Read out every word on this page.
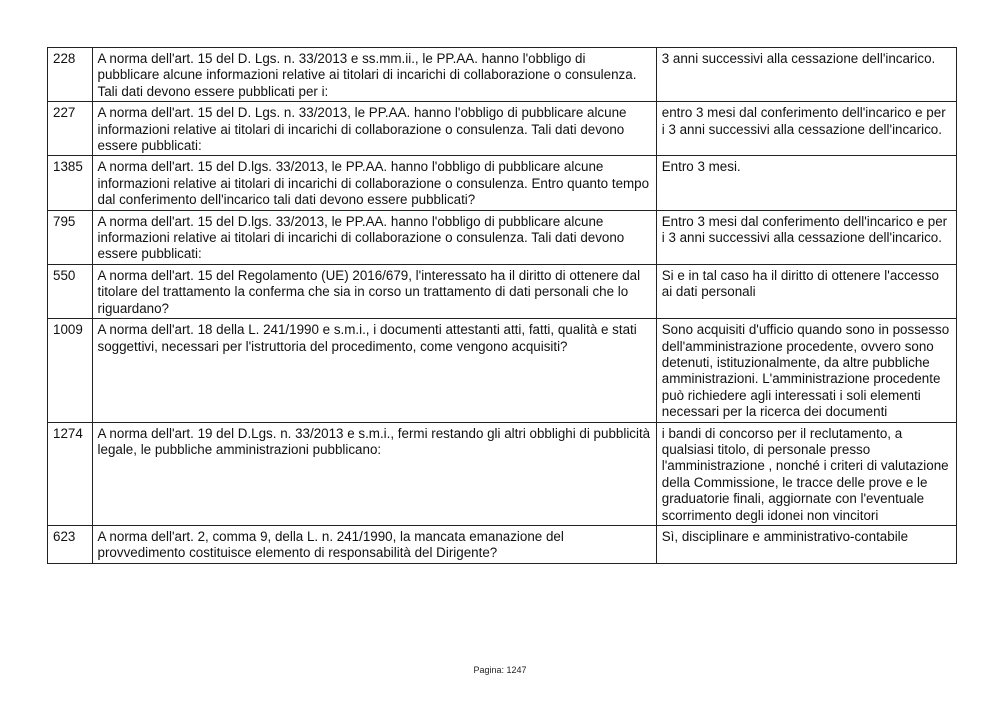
228	A norma dell'art. 15 del D. Lgs. n. 33/2013 e ss.mm.ii., le PP.AA. hanno l'obbligo di pubblicare alcune informazioni relative ai titolari di incarichi di collaborazione o consulenza. Tali dati devono essere pubblicati per i:	3 anni successivi alla cessazione dell'incarico.
227	A norma dell'art. 15 del D. Lgs. n. 33/2013, le PP.AA. hanno l'obbligo di pubblicare alcune informazioni relative ai titolari di incarichi di collaborazione o consulenza. Tali dati devono essere pubblicati:	entro 3 mesi dal conferimento dell'incarico e per i 3 anni successivi alla cessazione dell'incarico.
1385	A norma dell'art. 15 del D.lgs. 33/2013, le PP.AA. hanno l'obbligo di pubblicare alcune informazioni relative ai titolari di incarichi di collaborazione o consulenza. Entro quanto tempo dal conferimento dell'incarico tali dati devono essere pubblicati?	Entro 3 mesi.
795	A norma dell'art. 15 del D.lgs. 33/2013, le PP.AA. hanno l'obbligo di pubblicare alcune informazioni relative ai titolari di incarichi di collaborazione o consulenza. Tali dati devono essere pubblicati:	Entro 3 mesi dal conferimento dell'incarico e per i 3 anni successivi alla cessazione dell'incarico.
550	A norma dell'art. 15 del Regolamento (UE) 2016/679, l'interessato ha il diritto di ottenere dal titolare del trattamento la conferma che sia in corso un trattamento di dati personali che lo riguardano?	Si e in tal caso ha il diritto di ottenere l'accesso ai dati personali
1009	A norma dell'art. 18 della L. 241/1990 e s.m.i., i documenti attestanti atti, fatti, qualità e stati soggettivi, necessari per l'istruttoria del procedimento, come vengono acquisiti?	Sono acquisiti d'ufficio quando sono in possesso dell'amministrazione procedente, ovvero sono detenuti, istituzionalmente, da altre pubbliche amministrazioni. L'amministrazione procedente può richiedere agli interessati i soli elementi necessari per la ricerca dei documenti
1274	A norma dell'art. 19 del D.Lgs. n. 33/2013 e s.m.i., fermi restando gli altri obblighi di pubblicità legale, le pubbliche amministrazioni pubblicano:	i bandi di concorso per il reclutamento, a qualsiasi titolo, di personale presso l'amministrazione , nonché i criteri di valutazione della Commissione, le tracce delle prove e le graduatorie finali, aggiornate con l'eventuale scorrimento degli idonei non vincitori
623	A norma dell'art. 2, comma 9, della L. n. 241/1990, la mancata emanazione del provvedimento costituisce elemento di responsabilità del Dirigente?	Sì, disciplinare e amministrativo-contabile
Pagina: 1247
